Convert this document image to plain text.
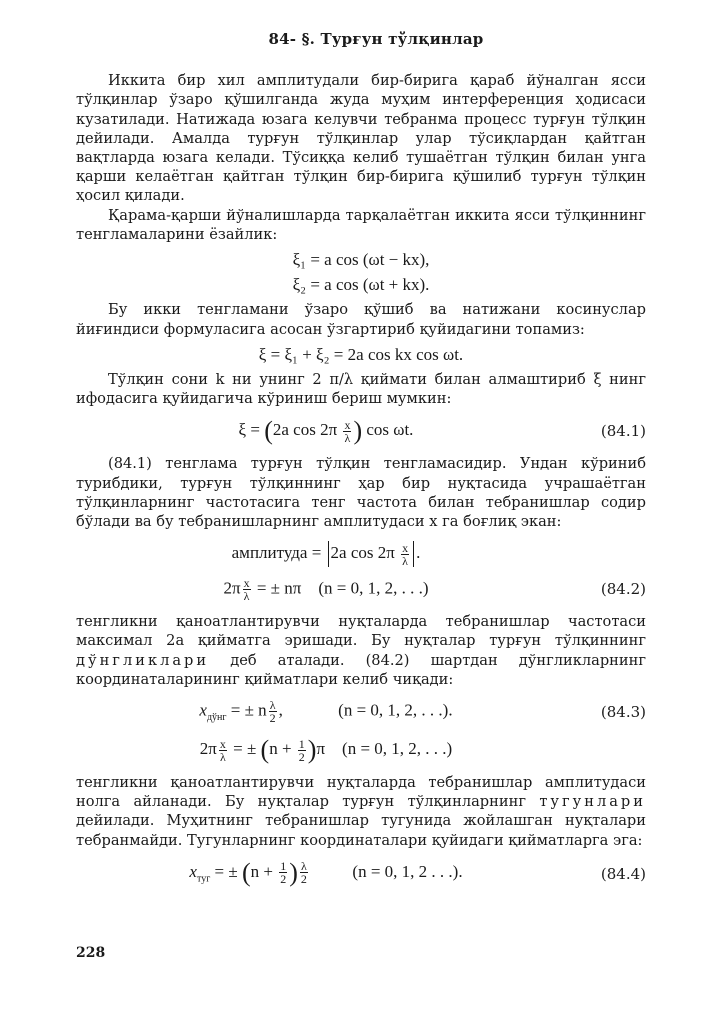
84- §. Турғун тўлқинлар

Иккита бир хил амплитудали бир-бирига қараб йўналган ясси тўлқинлар ўзаро қўшилганда жуда муҳим интерференция ҳодисаси кузатилади. Натижада юзага келувчи тебранма процесс турғун тўлқин дейилади. Амалда турғун тўлқинлар улар тўсиқлардан қайтган вақтларда юзага келади. Тўсиққа келиб тушаётган тўлқин билан унга қарши келаётган қайтган тўлқин бир-бирига қўшилиб турғун тўлқин ҳосил қилади.

Қарама-қарши йўналишларда тарқалаётган иккита ясси тўлқиннинг тенгламаларини ёзайлик:

ξ₁ = a cos (ωt − kx),
ξ₂ = a cos (ωt + kx).

Бу икки тенгламани ўзаро қўшиб ва натижани косинуслар йиғиндиси формуласига асосан ўзгартириб қуйидагини топамиз:

ξ = ξ₁ + ξ₂ = 2a cos kx cos ωt.

Тўлқин сони k ни унинг 2 π/λ қиймати билан алмаштириб ξ нинг ифодасига қуйидагича кўриниш бериш мумкин:

ξ = (2a $\cos 2\pi \frac{x}{\lambda}$ ) cos ωt.	(84.1)

(84.1) тенглама турғун тўлқин тенгламасидир. Ундан кўриниб турибдики, турғун тўлқиннинг ҳар бир нуқтасида учрашаётган тўлқинларнинг частотасига тенг частота билан тебранишлар содир бўлади ва бу тебранишларнинг амплитудаси x га боғлиқ экан:

амплитуда = 2a $\cos 2\pi \frac{x}{\lambda}$ .
$2\pi \frac{x}{\lambda}$ = ± nπ    (n = 0, 1, 2, . . .)	(84.2)

тенгликни қаноатлантирувчи нуқталарда тебранишлар частотаси максимал 2a қийматга эришади. Бу нуқталар турғун тўлқиннинг дўнгликлари деб аталади. (84.2) шартдан дўнгликларнинг координаталарининг қийматлари келиб чиқади:

$x_{дўнг}$ = ± n $\frac{\lambda}{2}$ ,             (n = 0, 1, 2, . . .).	(84.3)
$2\pi \frac{x}{\lambda}$ = ± $(n + \frac{1}{2} )\pi$    (n = 0, 1, 2, . . .)

тенгликни қаноатлантирувчи нуқталарда тебранишлар амплитудаси нолга айланади. Бу нуқталар турғун тўлқинларнинг тугунлари дейилади. Муҳитнинг тебранишлар тугунида жойлашган нуқталари тебранмайди. Тугунларнинг координаталари қуйидаги қийматларга эга:

$x_{туг}$ = ± ($n + \frac{1}{2}$ ) $\frac{\lambda}{2} (n = 0$, 1, 2 . . .).	(84.4)
228
